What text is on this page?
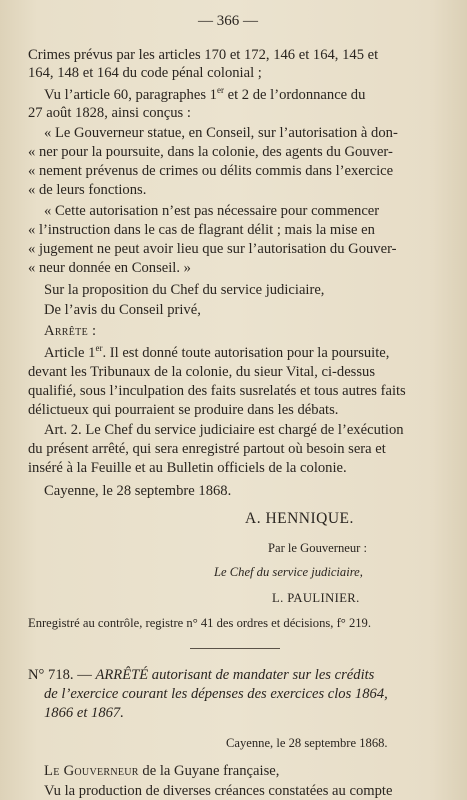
— 366 —
Crimes prévus par les articles 170 et 172, 146 et 164, 145 et
164, 148 et 164 du code pénal colonial ;
Vu l’article 60, paragraphes 1er et 2 de l’ordonnance du
27 août 1828, ainsi conçus :
« Le Gouverneur statue, en Conseil, sur l’autorisation à don-
« ner pour la poursuite, dans la colonie, des agents du Gouver-
« nement prévenus de crimes ou délits commis dans l’exercice
« de leurs fonctions.
« Cette autorisation n’est pas nécessaire pour commencer
« l’instruction dans le cas de flagrant délit ; mais la mise en
« jugement ne peut avoir lieu que sur l’autorisation du Gouver-
« neur donnée en Conseil. »
Sur la proposition du Chef du service judiciaire,
De l’avis du Conseil privé,
Arrête :
Article 1er. Il est donné toute autorisation pour la poursuite,
devant les Tribunaux de la colonie, du sieur Vital, ci-dessus
qualifié, sous l’inculpation des faits susrelatés et tous autres faits
délictueux qui pourraient se produire dans les débats.
Art. 2. Le Chef du service judiciaire est chargé de l’exécution
du présent arrêté, qui sera enregistré partout où besoin sera et
inséré à la Feuille et au Bulletin officiels de la colonie.
Cayenne, le 28 septembre 1868.
A. HENNIQUE.
Par le Gouverneur :
Le Chef du service judiciaire,
L. PAULINIER.
Enregistré au contrôle, registre n° 41 des ordres et décisions, f° 219.
N° 718. — ARRÊTÉ autorisant de mandater sur les crédits
de l’exercice courant les dépenses des exercices clos 1864,
1866 et 1867.
Cayenne, le 28 septembre 1868.
Le Gouverneur de la Guyane française,
Vu la production de diverses créances constatées au compte
